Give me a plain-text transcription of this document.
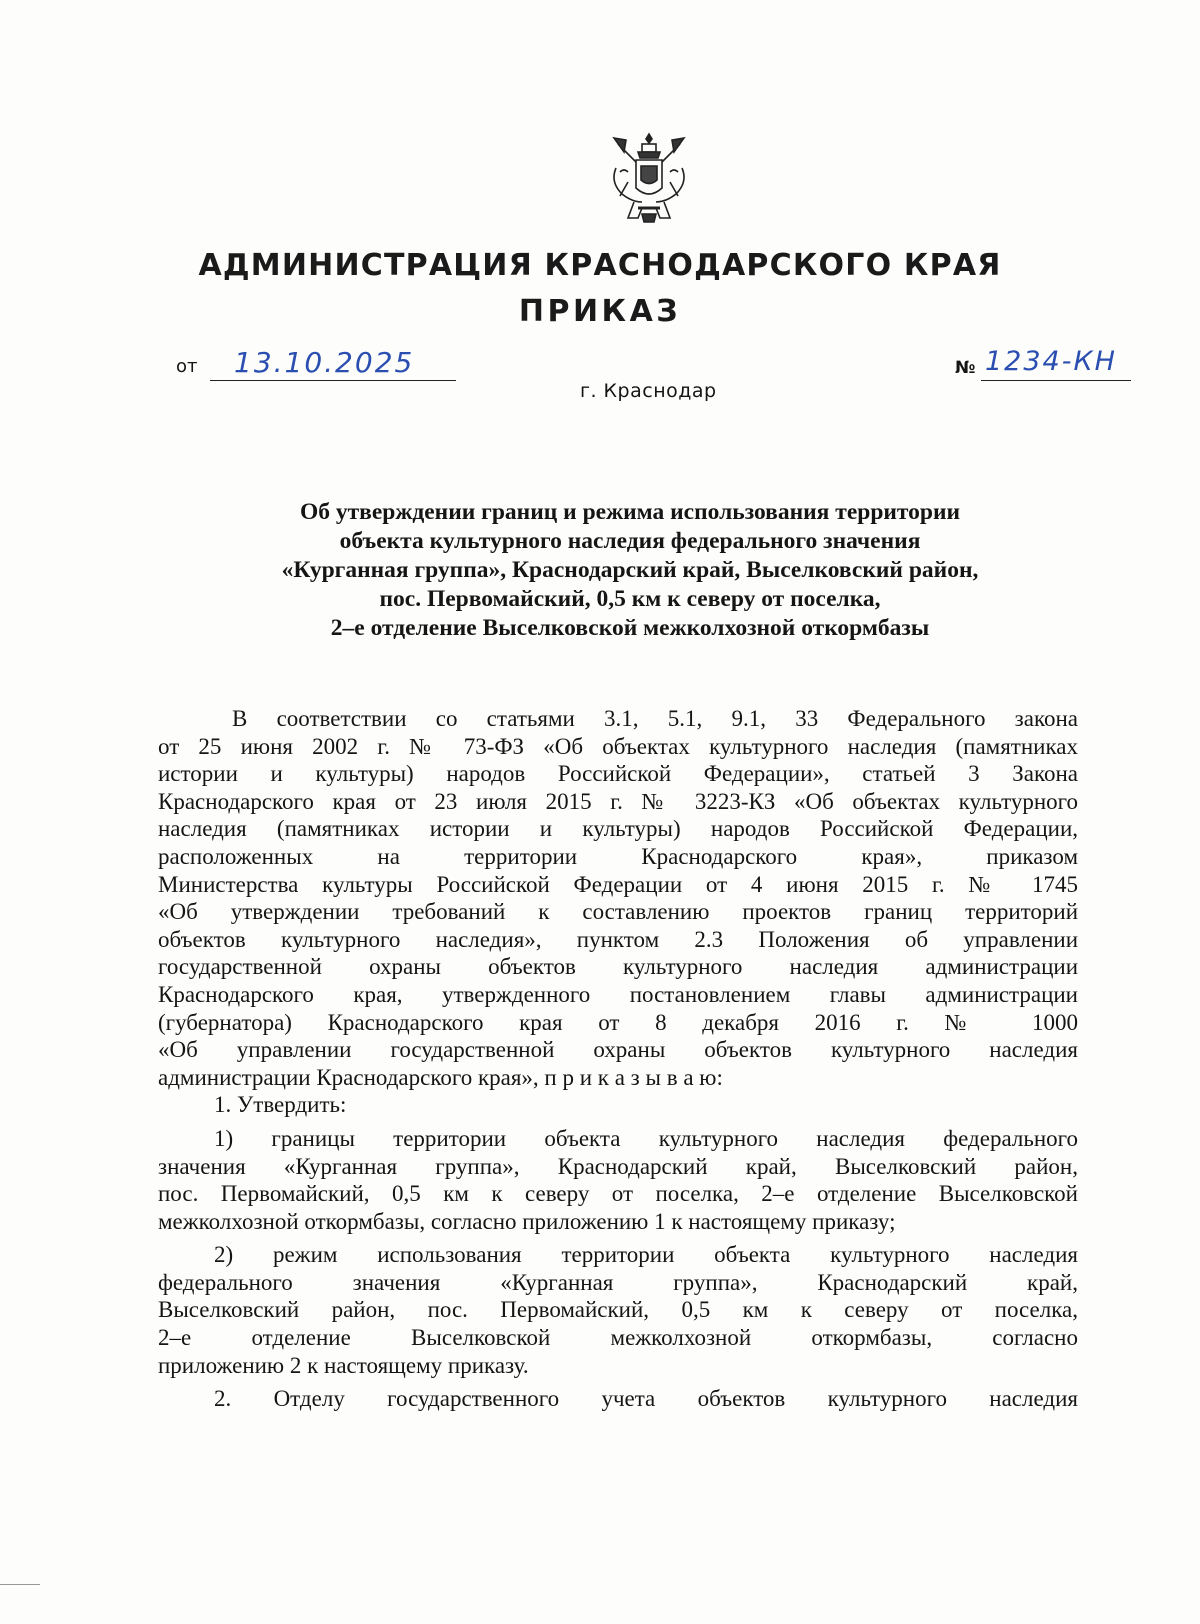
АДМИНИСТРАЦИЯ КРАСНОДАРСКОГО КРАЯ
ПРИКАЗ
от 13.10.2025	№ 1234-КН
г. Краснодар
Об утверждении границ и режима использования территории
объекта культурного наследия федерального значения
«Курганная группа», Краснодарский край, Выселковский район,
пос. Первомайский, 0,5 км к северу от поселка,
2–е отделение Выселковской межколхозной откормбазы
В соответствии со статьями 3.1, 5.1, 9.1, 33 Федерального закона
от 25 июня 2002 г. № 73-ФЗ «Об объектах культурного наследия (памятниках
истории и культуры) народов Российской Федерации», статьей 3 Закона
Краснодарского края от 23 июля 2015 г. № 3223-КЗ «Об объектах культурного
наследия (памятниках истории и культуры) народов Российской Федерации,
расположенных на территории Краснодарского края», приказом
Министерства культуры Российской Федерации от 4 июня 2015 г. № 1745
«Об утверждении требований к составлению проектов границ территорий
объектов культурного наследия», пунктом 2.3 Положения об управлении
государственной охраны объектов культурного наследия администрации
Краснодарского края, утвержденного постановлением главы администрации
(губернатора) Краснодарского края от 8 декабря 2016 г. № 1000
«Об управлении государственной охраны объектов культурного наследия
администрации Краснодарского края», п р и к а з ы в а ю:
1. Утвердить:
1) границы территории объекта культурного наследия федерального
значения «Курганная группа», Краснодарский край, Выселковский район,
пос. Первомайский, 0,5 км к северу от поселка, 2–е отделение Выселковской
межколхозной откормбазы, согласно приложению 1 к настоящему приказу;
2) режим использования территории объекта культурного наследия
федерального значения «Курганная группа», Краснодарский край,
Выселковский район, пос. Первомайский, 0,5 км к северу от поселка,
2–е отделение Выселковской межколхозной откормбазы, согласно
приложению 2 к настоящему приказу.
2. Отделу государственного учета объектов культурного наследия
